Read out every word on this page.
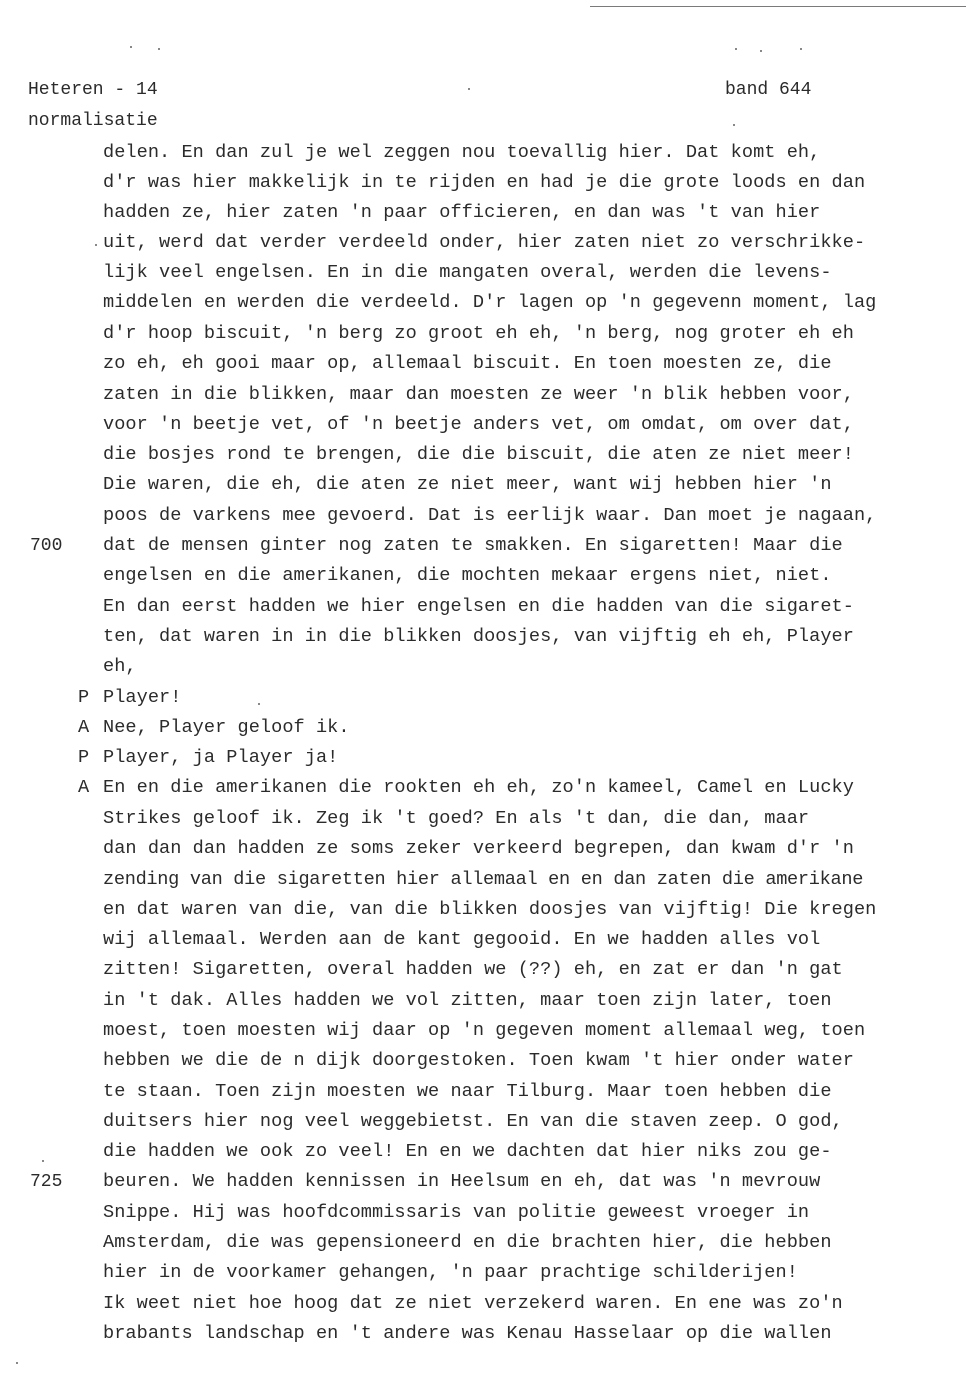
Heteren - 14
normalisatie
band 644
700
725
P
A
P
A
delen. En dan zul je wel zeggen nou toevallig hier. Dat komt eh,
d'r was hier makkelijk in te rijden en had je die grote loods en dan
hadden ze, hier zaten 'n paar officieren, en dan was 't van hier
uit, werd dat verder verdeeld onder, hier zaten niet zo verschrikke-
lijk veel engelsen. En in die mangaten overal, werden die levens-
middelen en werden die verdeeld. D'r lagen op 'n gegevenn moment, lag
d'r hoop biscuit, 'n berg zo groot eh eh, 'n berg, nog groter eh eh
zo eh, eh gooi maar op, allemaal biscuit. En toen moesten ze, die
zaten in die blikken, maar dan moesten ze weer 'n blik hebben voor,
voor 'n beetje vet, of 'n beetje anders vet, om omdat, om over dat,
die bosjes rond te brengen, die die biscuit, die aten ze niet meer!
Die waren, die eh, die aten ze niet meer, want wij hebben hier 'n
poos de varkens mee gevoerd. Dat is eerlijk waar. Dan moet je nagaan,
dat de mensen ginter nog zaten te smakken. En sigaretten! Maar die
engelsen en die amerikanen, die mochten mekaar ergens niet, niet.
En dan eerst hadden we hier engelsen en die hadden van die sigaret-
ten, dat waren in in die blikken doosjes, van vijftig eh eh, Player
eh,
Player!
Nee, Player geloof ik.
Player, ja Player ja!
En en die amerikanen die rookten eh eh, zo'n kameel, Camel en Lucky
Strikes geloof ik. Zeg ik 't goed? En als 't dan, die dan, maar
dan dan dan hadden ze soms zeker verkeerd begrepen, dan kwam d'r 'n
zending van die sigaretten hier allemaal en en dan zaten die amerikane
en dat waren van die, van die blikken doosjes van vijftig! Die kregen
wij allemaal. Werden aan de kant gegooid. En we hadden alles vol
zitten! Sigaretten, overal hadden we (??) eh, en zat er dan 'n gat
in 't dak. Alles hadden we vol zitten, maar toen zijn later, toen
moest, toen moesten wij daar op 'n gegeven moment allemaal weg, toen
hebben we die de n dijk doorgestoken. Toen kwam 't hier onder water
te staan. Toen zijn moesten we naar Tilburg. Maar toen hebben die
duitsers hier nog veel weggebietst. En van die staven zeep. O god,
die hadden we ook zo veel! En en we dachten dat hier niks zou ge-
beuren. We hadden kennissen in Heelsum en eh, dat was 'n mevrouw
Snippe. Hij was hoofdcommissaris van politie geweest vroeger in
Amsterdam, die was gepensioneerd en die brachten hier, die hebben
hier in de voorkamer gehangen, 'n paar prachtige schilderijen!
Ik weet niet hoe hoog dat ze niet verzekerd waren. En ene was zo'n
brabants landschap en 't andere was Kenau Hasselaar op die wallen
